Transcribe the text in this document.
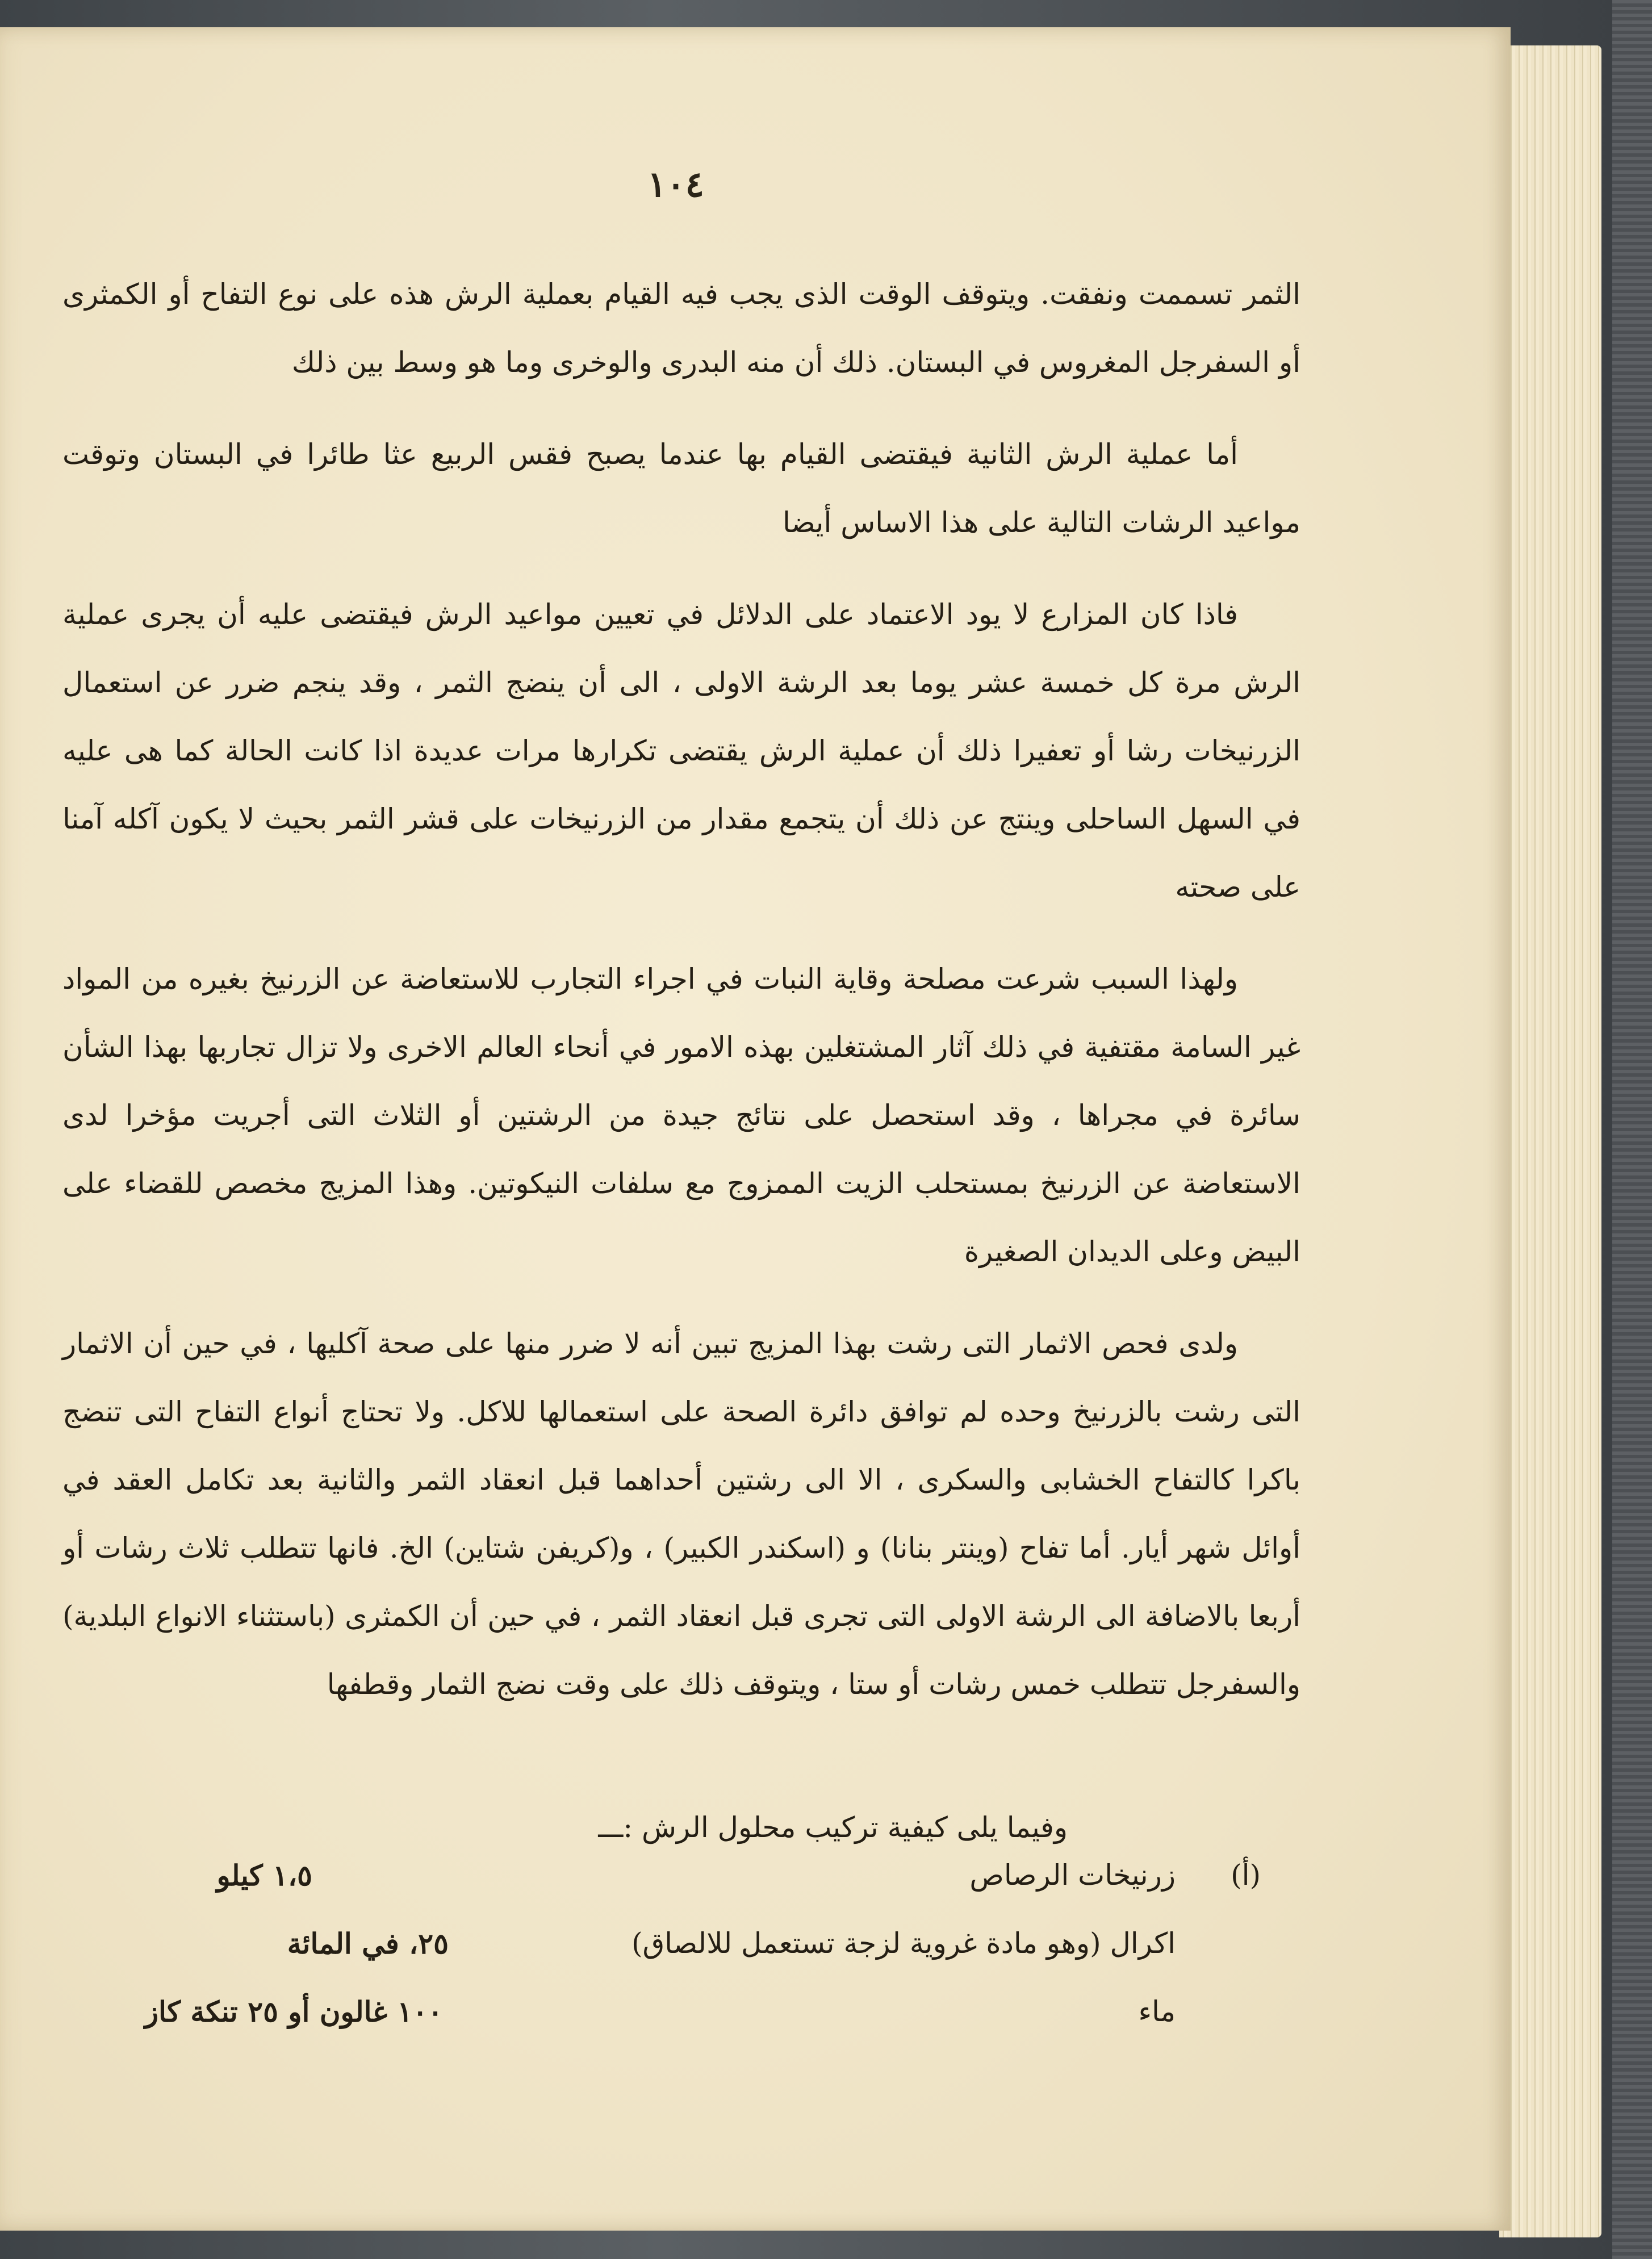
١٠٤

الثمر تسممت ونفقت. ويتوقف الوقت الذى يجب فيه القيام بعملية الرش هذه على نوع التفاح أو الكمثرى أو السفرجل المغروس في البستان. ذلك أن منه البدرى والوخرى وما هو وسط بين ذلك

أما عملية الرش الثانية فيقتضى القيام بها عندما يصبح فقس الربيع عثا طائرا في البستان وتوقت مواعيد الرشات التالية على هذا الاساس أيضا

فاذا كان المزارع لا يود الاعتماد على الدلائل في تعيين مواعيد الرش فيقتضى عليه أن يجرى عملية الرش مرة كل خمسة عشر يوما بعد الرشة الاولى ، الى أن ينضج الثمر ، وقد ينجم ضرر عن استعمال الزرنيخات رشا أو تعفيرا ذلك أن عملية الرش يقتضى تكرارها مرات عديدة اذا كانت الحالة كما هى عليه في السهل الساحلى وينتج عن ذلك أن يتجمع مقدار من الزرنيخات على قشر الثمر بحيث لا يكون آكله آمنا على صحته

ولهذا السبب شرعت مصلحة وقاية النبات في اجراء التجارب للاستعاضة عن الزرنيخ بغيره من المواد غير السامة مقتفية في ذلك آثار المشتغلين بهذه الامور في أنحاء العالم الاخرى ولا تزال تجاربها بهذا الشأن سائرة في مجراها ، وقد استحصل على نتائج جيدة من الرشتين أو الثلاث التى أجريت مؤخرا لدى الاستعاضة عن الزرنيخ بمستحلب الزيت الممزوج مع سلفات النيكوتين. وهذا المزيج مخصص للقضاء على البيض وعلى الديدان الصغيرة

ولدى فحص الاثمار التى رشت بهذا المزيج تبين أنه لا ضرر منها على صحة آكليها ، في حين أن الاثمار التى رشت بالزرنيخ وحده لم توافق دائرة الصحة على استعمالها للاكل. ولا تحتاج أنواع التفاح التى تنضج باكرا كالتفاح الخشابى والسكرى ، الا الى رشتين أحداهما قبل انعقاد الثمر والثانية بعد تكامل العقد في أوائل شهر أيار. أما تفاح (وينتر بنانا) و (اسكندر الكبير) ، و(كريفن شتاين) الخ. فانها تتطلب ثلاث رشات أو أربعا بالاضافة الى الرشة الاولى التى تجرى قبل انعقاد الثمر ، في حين أن الكمثرى (باستثناء الانواع البلدية) والسفرجل تتطلب خمس رشات أو ستا ، ويتوقف ذلك على وقت نضج الثمار وقطفها

وفيما يلى كيفية تركيب محلول الرش :ـــ
(أ)
زرنيخات الرصاص
اكرال (وهو مادة غروية لزجة تستعمل للالصاق)
ماء
١،٥ كيلو
٢٥، في المائة
١٠٠ غالون أو ٢٥ تنكة كاز
